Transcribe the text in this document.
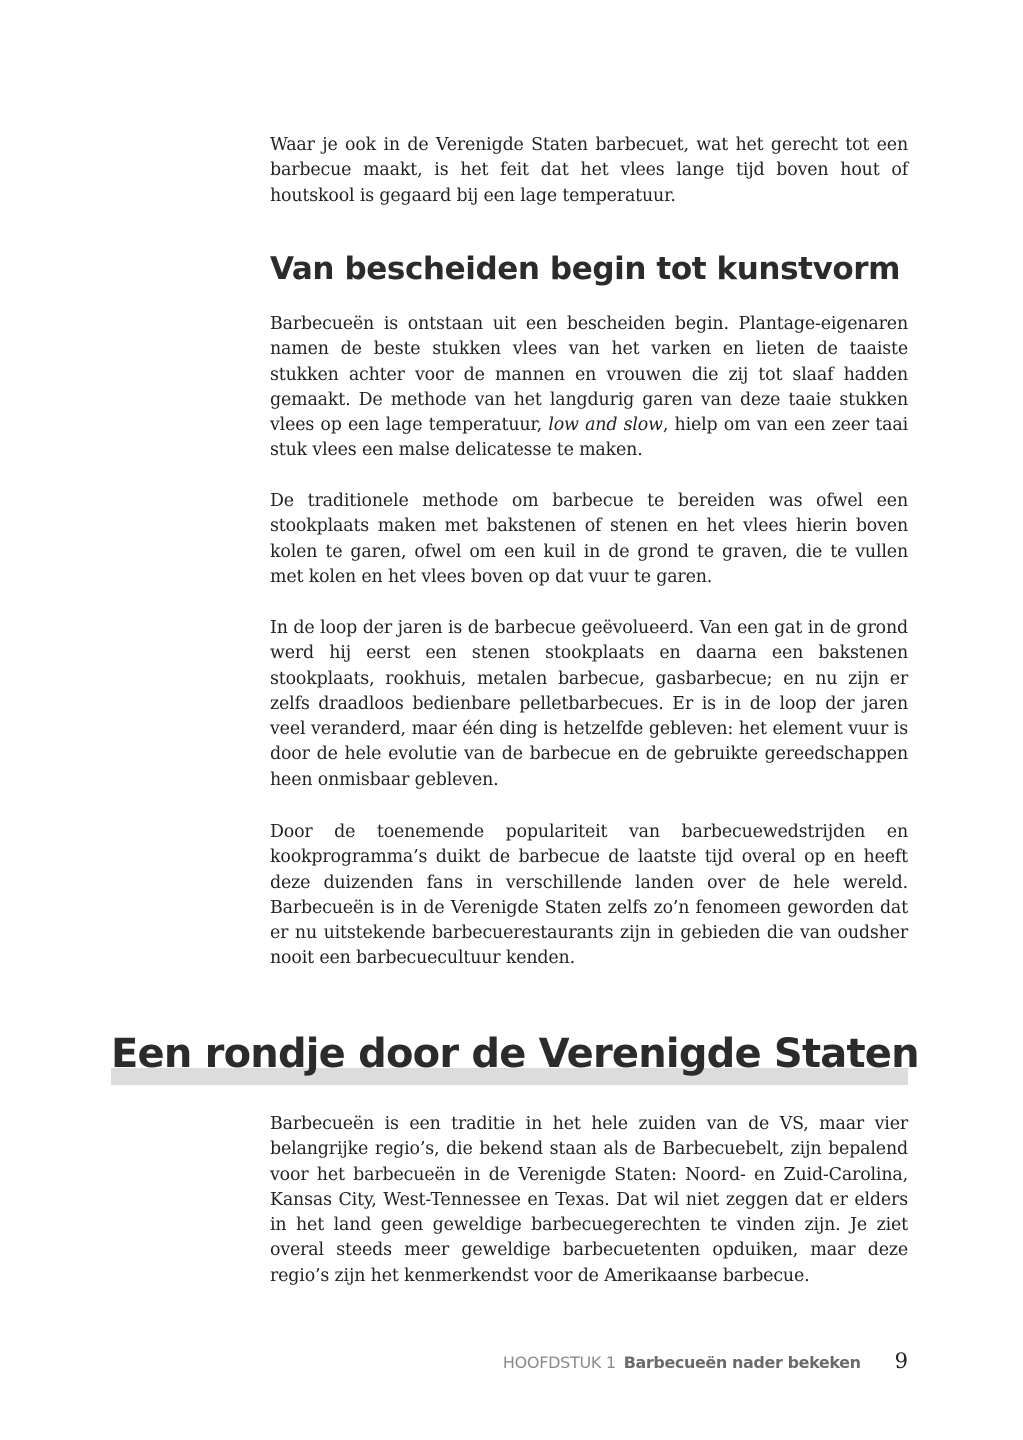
Waar je ook in de Verenigde Staten barbecuet, wat het gerecht tot een barbecue maakt, is het feit dat het vlees lange tijd boven hout of houtskool is gegaard bij een lage temperatuur.

Van bescheiden begin tot kunstvorm

Barbecueën is ontstaan uit een bescheiden begin. Plantage-eigenaren namen de beste stukken vlees van het varken en lieten de taaiste stukken achter voor de mannen en vrouwen die zij tot slaaf hadden gemaakt. De methode van het langdurig garen van deze taaie stukken vlees op een lage temperatuur, low and slow, hielp om van een zeer taai stuk vlees een malse delicatesse te maken.

De traditionele methode om barbecue te bereiden was ofwel een stookplaats maken met bakstenen of stenen en het vlees hierin boven kolen te garen, ofwel om een kuil in de grond te graven, die te vullen met kolen en het vlees boven op dat vuur te garen.

In de loop der jaren is de barbecue geëvolueerd. Van een gat in de grond werd hij eerst een stenen stookplaats en daarna een bakstenen stookplaats, rookhuis, metalen barbecue, gasbarbecue; en nu zijn er zelfs draadloos bedienbare pelletbarbecues. Er is in de loop der jaren veel veranderd, maar één ding is hetzelfde gebleven: het element vuur is door de hele evolutie van de barbecue en de gebruikte gereedschappen heen onmisbaar gebleven.

Door de toenemende populariteit van barbecuewedstrijden en kookprogramma’s duikt de barbecue de laatste tijd overal op en heeft deze duizenden fans in verschillende landen over de hele wereld. Barbecueën is in de Verenigde Staten zelfs zo’n fenomeen geworden dat er nu uitstekende barbecuerestaurants zijn in gebieden die van oudsher nooit een barbecuecultuur kenden.

Een rondje door de Verenigde Staten

Barbecueën is een traditie in het hele zuiden van de VS, maar vier belangrijke regio’s, die bekend staan als de Barbecuebelt, zijn bepalend voor het barbecueën in de Verenigde Staten: Noord- en Zuid-Carolina, Kansas City, West-Tennessee en Texas. Dat wil niet zeggen dat er elders in het land geen geweldige barbecuegerechten te vinden zijn. Je ziet overal steeds meer geweldige barbecuetenten opduiken, maar deze regio’s zijn het kenmerkendst voor de Amerikaanse barbecue.

HOOFDSTUK 1 Barbecueën nader bekeken 9
